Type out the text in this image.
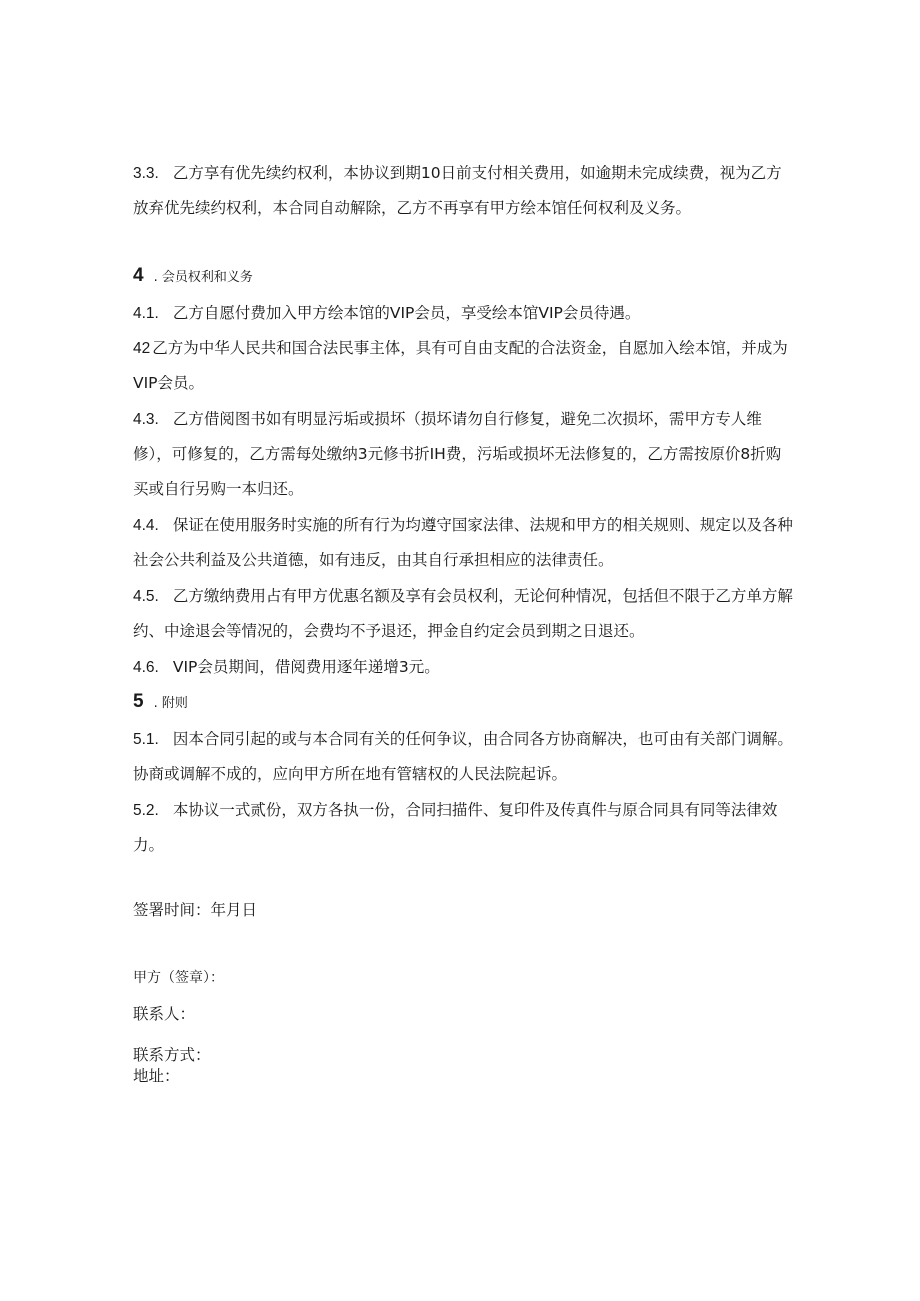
3.3. 乙方享有优先续约权利，本协议到期10日前支付相关费用，如逾期未完成续费，视为乙方放弃优先续约权利，本合同自动解除，乙方不再享有甲方绘本馆任何权利及义务。

4 . 会员权利和义务

4.1. 乙方自愿付费加入甲方绘本馆的VIP会员，享受绘本馆VIP会员待遇。

42 乙方为中华人民共和国合法民事主体，具有可自由支配的合法资金，自愿加入绘本馆，并成为VIP会员。

4.3. 乙方借阅图书如有明显污垢或损坏（损坏请勿自行修复，避免二次损坏，需甲方专人维修），可修复的，乙方需每处缴纳3元修书折IH费，污垢或损坏无法修复的，乙方需按原价8折购买或自行另购一本归还。

4.4. 保证在使用服务时实施的所有行为均遵守国家法律、法规和甲方的相关规则、规定以及各种社会公共利益及公共道德，如有违反，由其自行承担相应的法律责任。

4.5. 乙方缴纳费用占有甲方优惠名额及享有会员权利，无论何种情况，包括但不限于乙方单方解约、中途退会等情况的，会费均不予退还，押金自约定会员到期之日退还。

4.6. VIP会员期间，借阅费用逐年递增3元。

5 . 附则

5.1. 因本合同引起的或与本合同有关的任何争议，由合同各方协商解决，也可由有关部门调解。协商或调解不成的，应向甲方所在地有管辖权的人民法院起诉。

5.2. 本协议一式贰份，双方各执一份，合同扫描件、复印件及传真件与原合同具有同等法律效力。

签署时间：年月日

甲方（签章）：

联系人：

联系方式：

地址：
